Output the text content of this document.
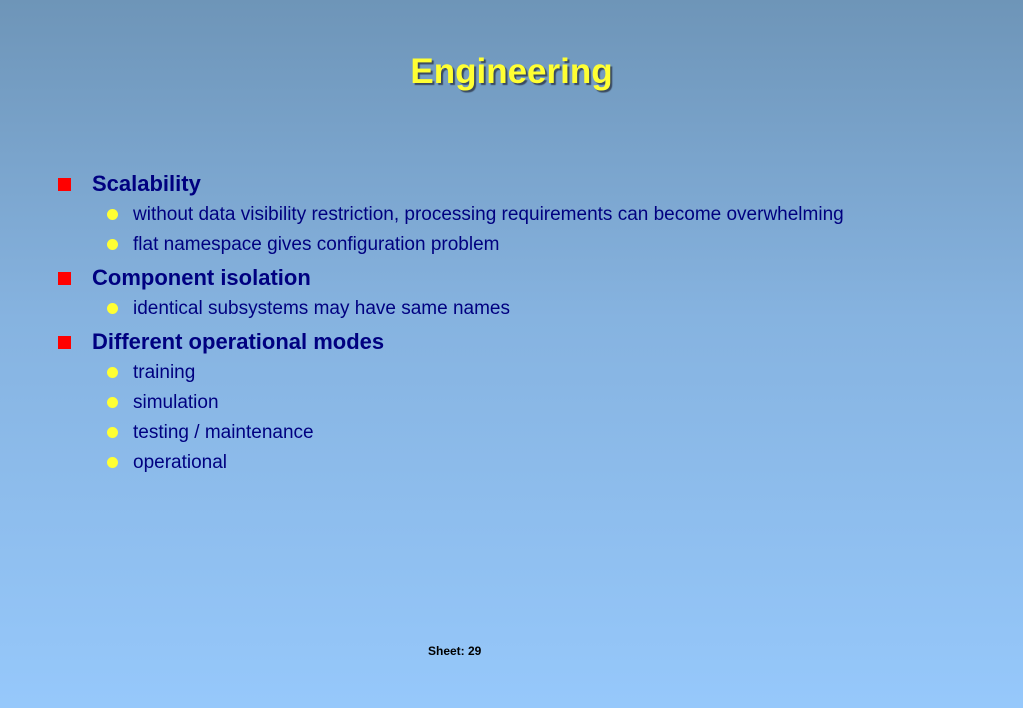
Engineering
Scalability
without data visibility restriction, processing requirements can become overwhelming
flat namespace gives configuration problem
Component isolation
identical subsystems may have same names
Different operational modes
training
simulation
testing / maintenance
operational
Sheet: 29
